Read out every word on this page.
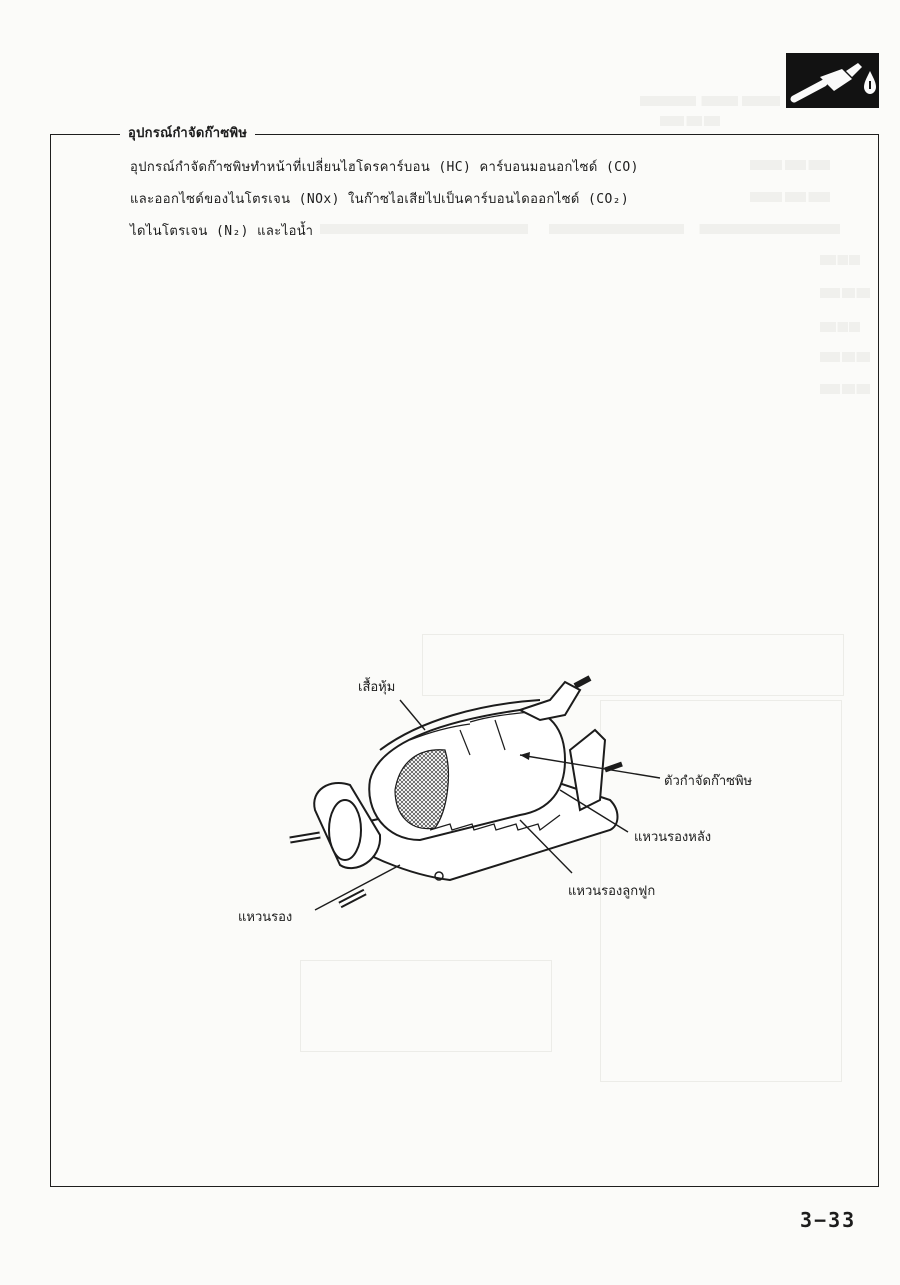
อุปกรณ์กำจัดก๊าซพิษ

อุปกรณ์กำจัดก๊าซพิษทำหน้าที่เปลี่ยนไฮโดรคาร์บอน (HC) คาร์บอนมอนอกไซด์ (CO)

และออกไซด์ของไนโตรเจน (NOx) ในก๊าซไอเสียไปเป็นคาร์บอนไดออกไซด์ (CO₂)

ไดไนโตรเจน (N₂) และไอน้ำ

เสื้อหุ้ม
ตัวกำจัดก๊าซพิษ
แหวนรองหลัง
แหวนรองลูกฟูก
แหวนรอง
3−33
